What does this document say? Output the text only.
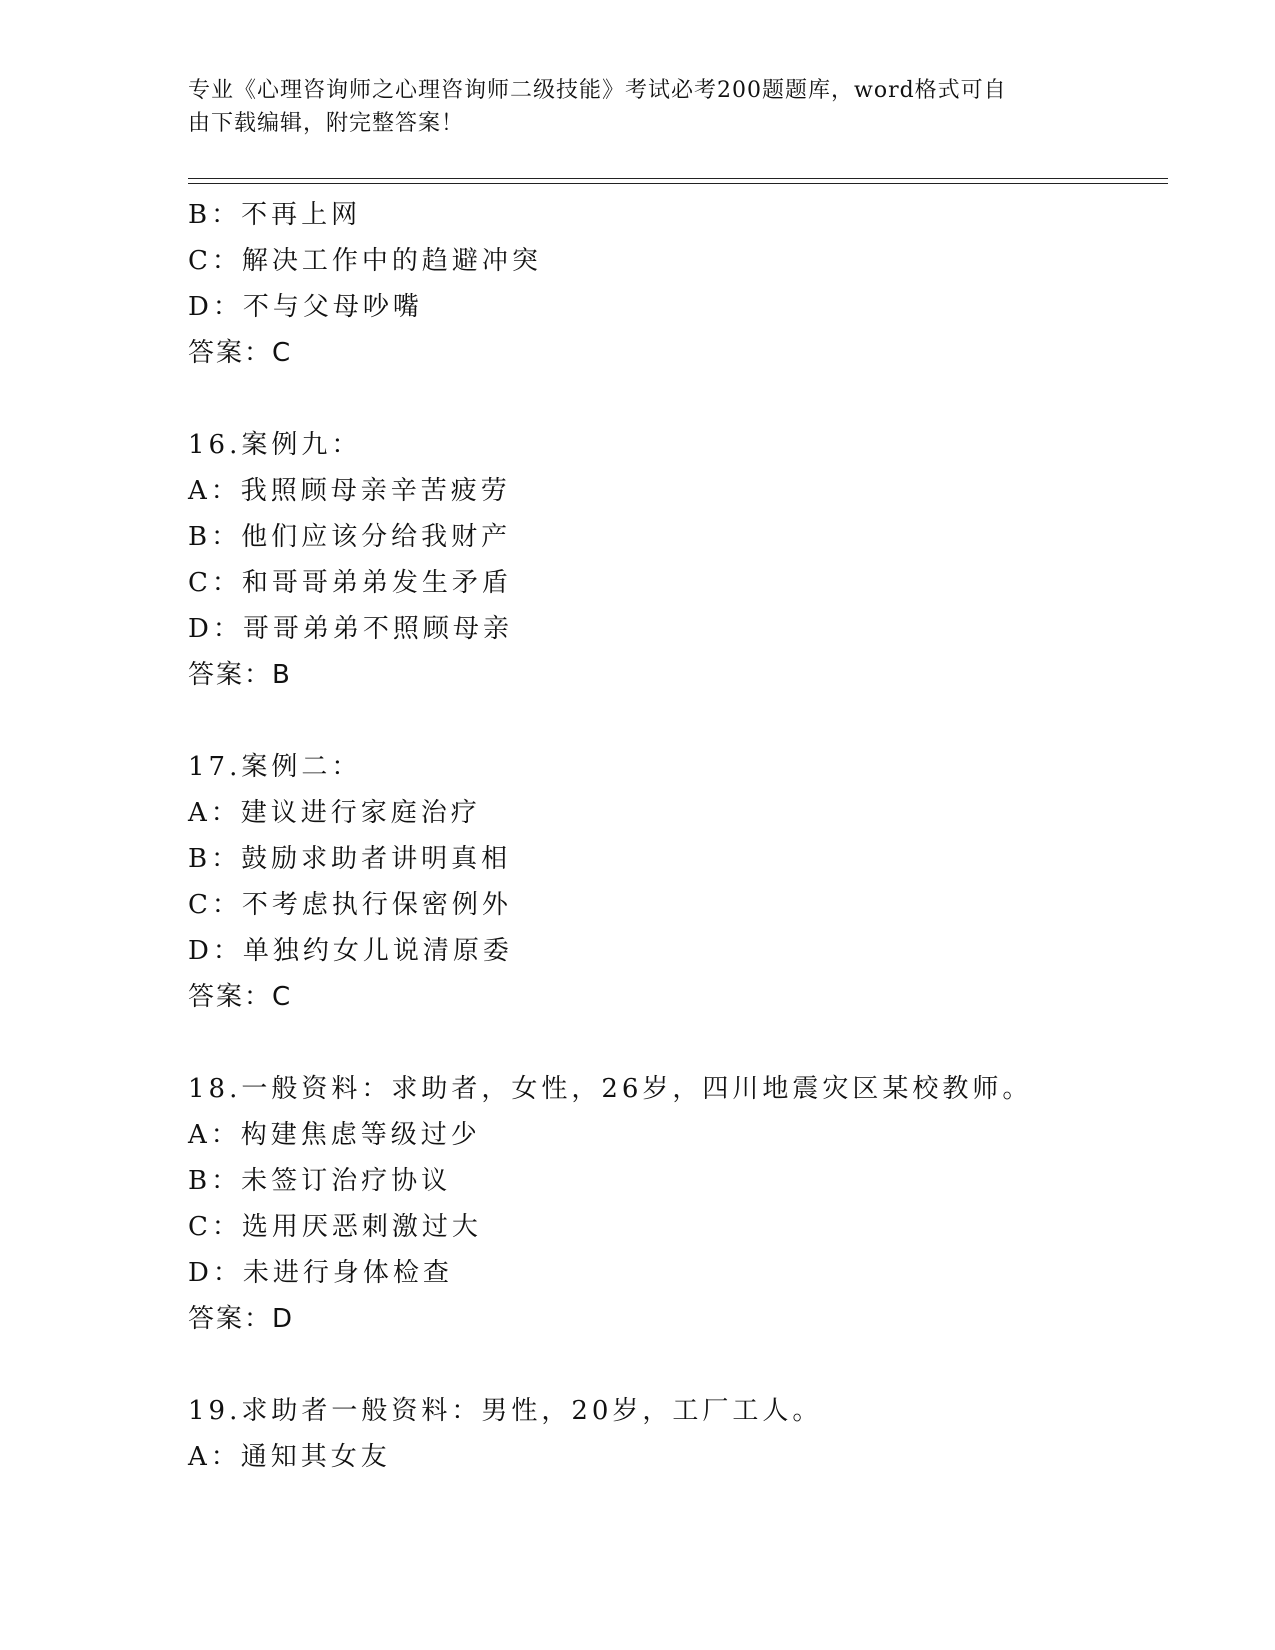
专业《心理咨询师之心理咨询师二级技能》考试必考200题题库，word格式可自
由下载编辑，附完整答案！
B：不再上网
C：解决工作中的趋避冲突
D：不与父母吵嘴
答案：C
16.案例九：
A：我照顾母亲辛苦疲劳
B：他们应该分给我财产
C：和哥哥弟弟发生矛盾
D：哥哥弟弟不照顾母亲
答案：B
17.案例二：
A：建议进行家庭治疗
B：鼓励求助者讲明真相
C：不考虑执行保密例外
D：单独约女儿说清原委
答案：C
18.一般资料：求助者，女性，26岁，四川地震灾区某校教师。
A：构建焦虑等级过少
B：未签订治疗协议
C：选用厌恶刺激过大
D：未进行身体检查
答案：D
19.求助者一般资料：男性，20岁，工厂工人。
A：通知其女友
